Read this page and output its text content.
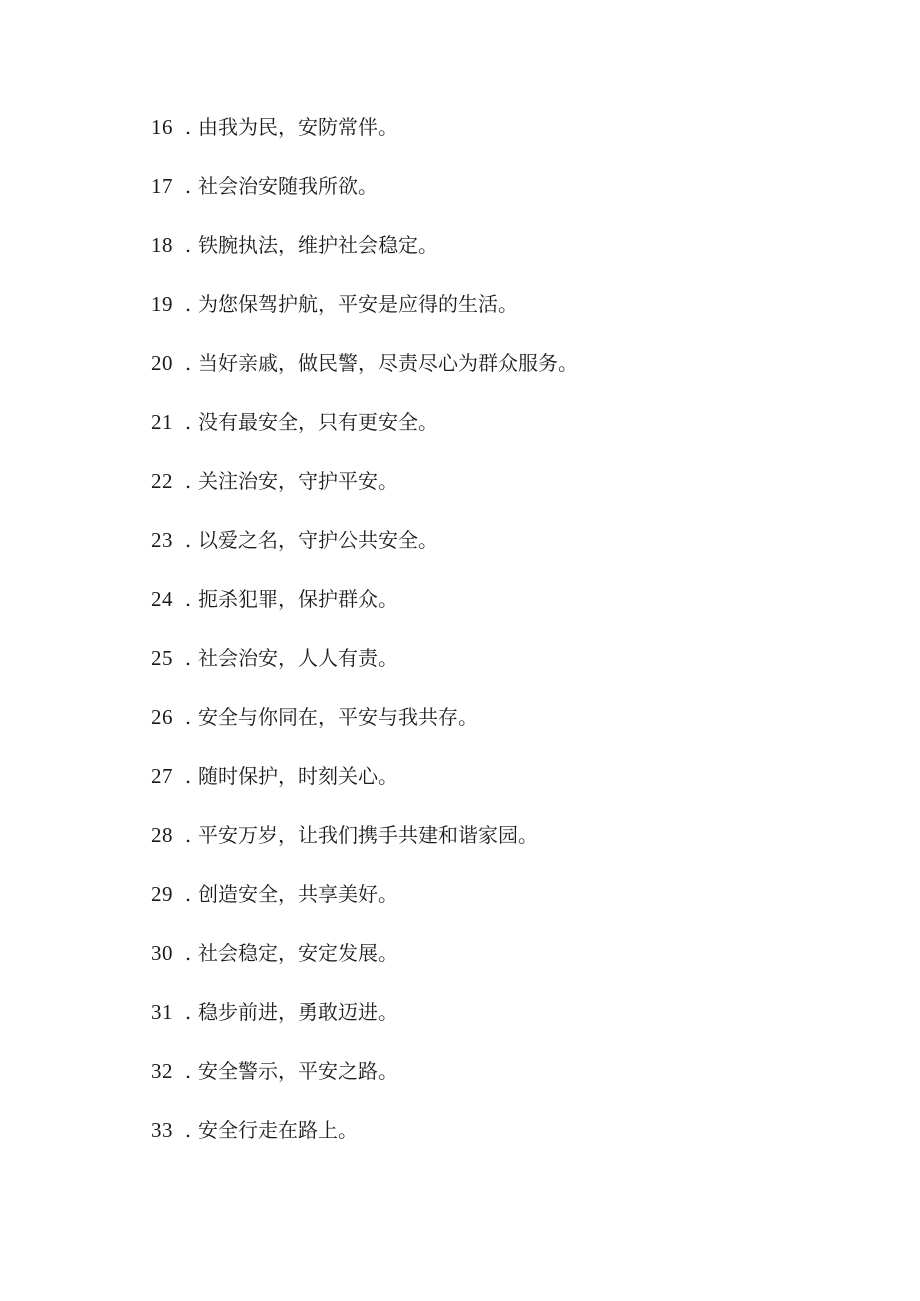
16 . 由我为民，安防常伴。
17 . 社会治安随我所欲。
18 . 铁腕执法，维护社会稳定。
19 . 为您保驾护航，平安是应得的生活。
20 . 当好亲戚，做民警，尽责尽心为群众服务。
21 . 没有最安全，只有更安全。
22 . 关注治安，守护平安。
23 . 以爱之名，守护公共安全。
24 . 扼杀犯罪，保护群众。
25 . 社会治安，人人有责。
26 . 安全与你同在，平安与我共存。
27 . 随时保护，时刻关心。
28 . 平安万岁，让我们携手共建和谐家园。
29 . 创造安全，共享美好。
30 . 社会稳定，安定发展。
31 . 稳步前进，勇敢迈进。
32 . 安全警示，平安之路。
33 . 安全行走在路上。
